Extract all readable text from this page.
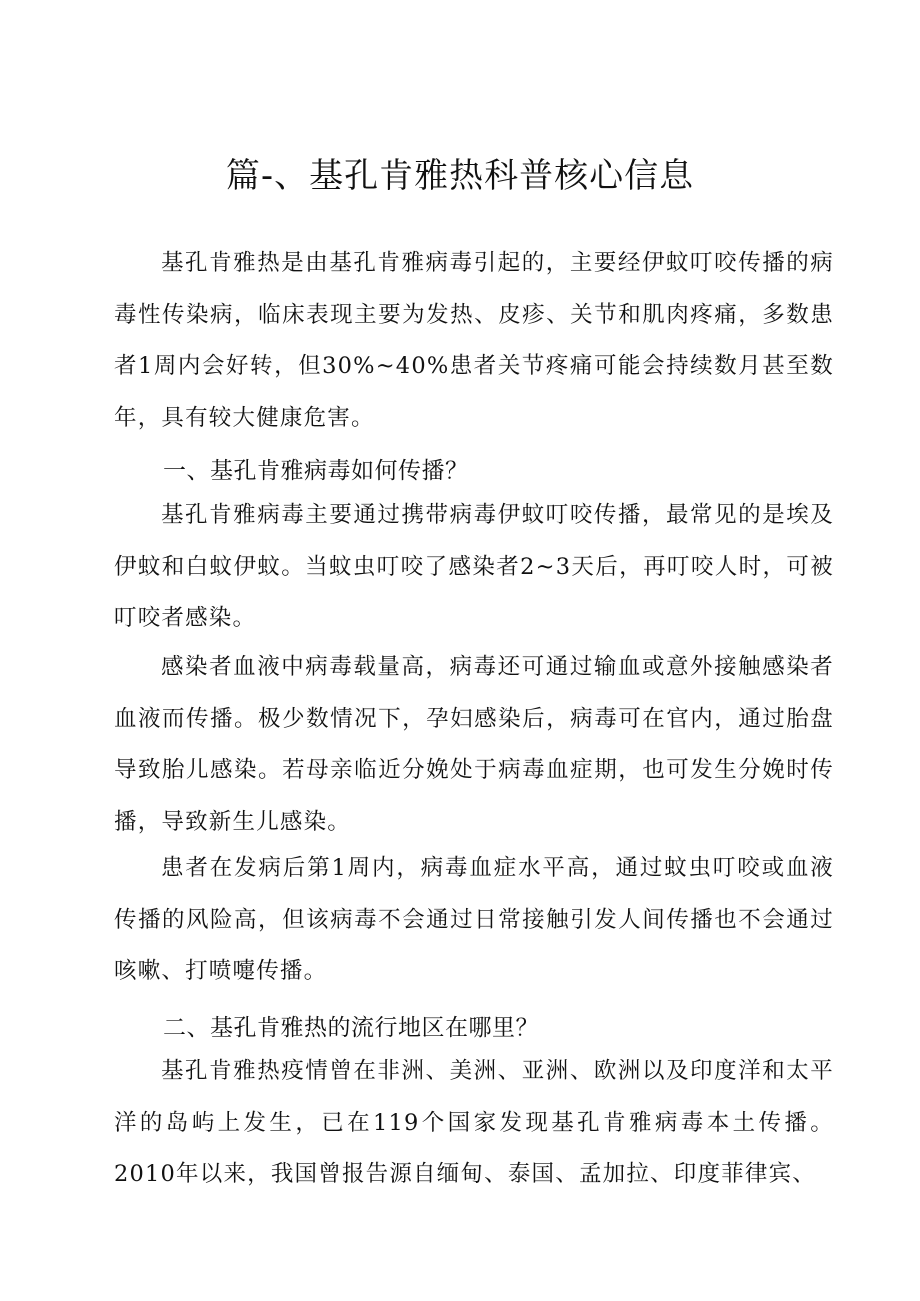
篇-、基孔肯雅热科普核心信息

基孔肯雅热是由基孔肯雅病毒引起的，主要经伊蚊叮咬传播的病毒性传染病，临床表现主要为发热、皮疹、关节和肌肉疼痛，多数患者1周内会好转，但30%~40%患者关节疼痛可能会持续数月甚至数年，具有较大健康危害。

一、基孔肯雅病毒如何传播？

基孔肯雅病毒主要通过携带病毒伊蚊叮咬传播，最常见的是埃及伊蚊和白蚊伊蚊。当蚊虫叮咬了感染者2~3天后，再叮咬人时，可被叮咬者感染。

感染者血液中病毒载量高，病毒还可通过输血或意外接触感染者血液而传播。极少数情况下，孕妇感染后，病毒可在官内，通过胎盘导致胎儿感染。若母亲临近分娩处于病毒血症期，也可发生分娩时传播，导致新生儿感染。

患者在发病后第1周内，病毒血症水平高，通过蚊虫叮咬或血液传播的风险高，但该病毒不会通过日常接触引发人间传播也不会通过咳嗽、打喷嚏传播。

二、基孔肯雅热的流行地区在哪里？

基孔肯雅热疫情曾在非洲、美洲、亚洲、欧洲以及印度洋和太平洋的岛屿上发生，已在119个国家发现基孔肯雅病毒本土传播。2010年以来，我国曾报告源自缅甸、泰国、孟加拉、印度菲律宾、
